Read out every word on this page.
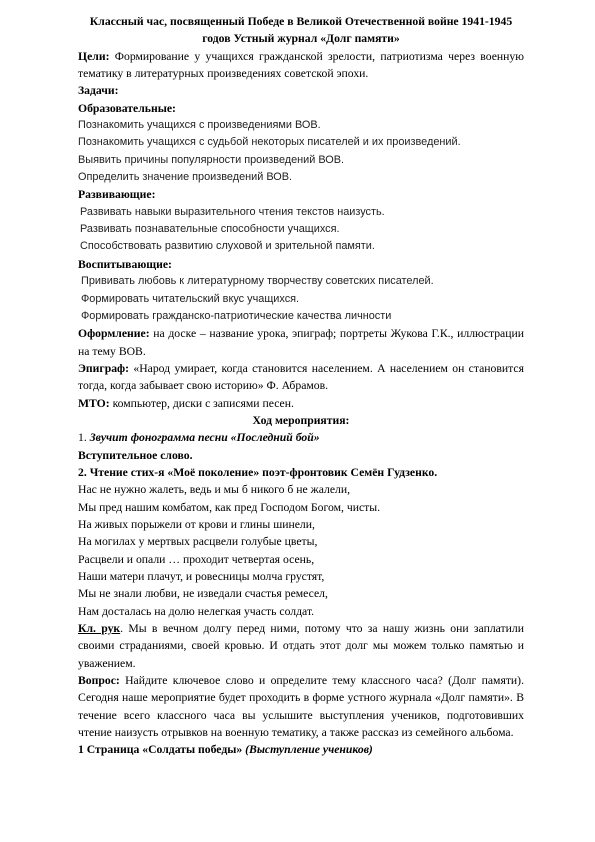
Классный час, посвященный Победе в Великой Отечественной войне 1941-1945 годов Устный журнал «Долг памяти»

Цели: Формирование у учащихся гражданской зрелости, патриотизма через военную тематику в литературных произведениях советской эпохи.

Задачи:

Образовательные:

Познакомить учащихся с произведениями ВОВ.

Познакомить учащихся с судьбой некоторых писателей и их произведений.

Выявить причины популярности произведений ВОВ.

Определить значение произведений ВОВ.

Развивающие:

Развивать навыки выразительного чтения текстов наизусть.

Развивать познавательные способности учащихся.

Способствовать развитию слуховой и зрительной памяти.

Воспитывающие:

Прививать любовь к литературному творчеству советских писателей.

Формировать читательский вкус учащихся.

Формировать гражданско-патриотические качества личности

Оформление: на доске – название урока, эпиграф; портреты Жукова Г.К., иллюстрации на тему ВОВ.

Эпиграф: «Народ умирает, когда становится населением. А населением он становится тогда, когда забывает свою историю» Ф. Абрамов.

МТО: компьютер, диски с записями песен.

Ход мероприятия:

1. Звучит фонограмма песни «Последний бой»

Вступительное слово.

2. Чтение стих-я «Моё поколение» поэт-фронтовик Семён Гудзенко.

Нас не нужно жалеть, ведь и мы б никого б не жалели,

Мы пред нашим комбатом, как пред Господом Богом, чисты.

На живых порыжели от крови и глины шинели,

На могилах у мертвых расцвели голубые цветы,

Расцвели и опали … проходит четвертая осень,

Наши матери плачут, и ровесницы молча грустят,

Мы не знали любви, не изведали счастья ремесел,

Нам досталась на долю нелегкая участь солдат.

Кл. рук. Мы в вечном долгу перед ними, потому что за нашу жизнь они заплатили своими страданиями, своей кровью. И отдать этот долг мы можем только памятью и уважением.

Вопрос: Найдите ключевое слово и определите тему классного часа? (Долг памяти). Сегодня наше мероприятие будет проходить в форме устного журнала «Долг памяти». В течение всего классного часа вы услышите выступления учеников, подготовивших чтение наизусть отрывков на военную тематику, а также рассказ из семейного альбома.

1 Страница «Солдаты победы» (Выступление учеников)
